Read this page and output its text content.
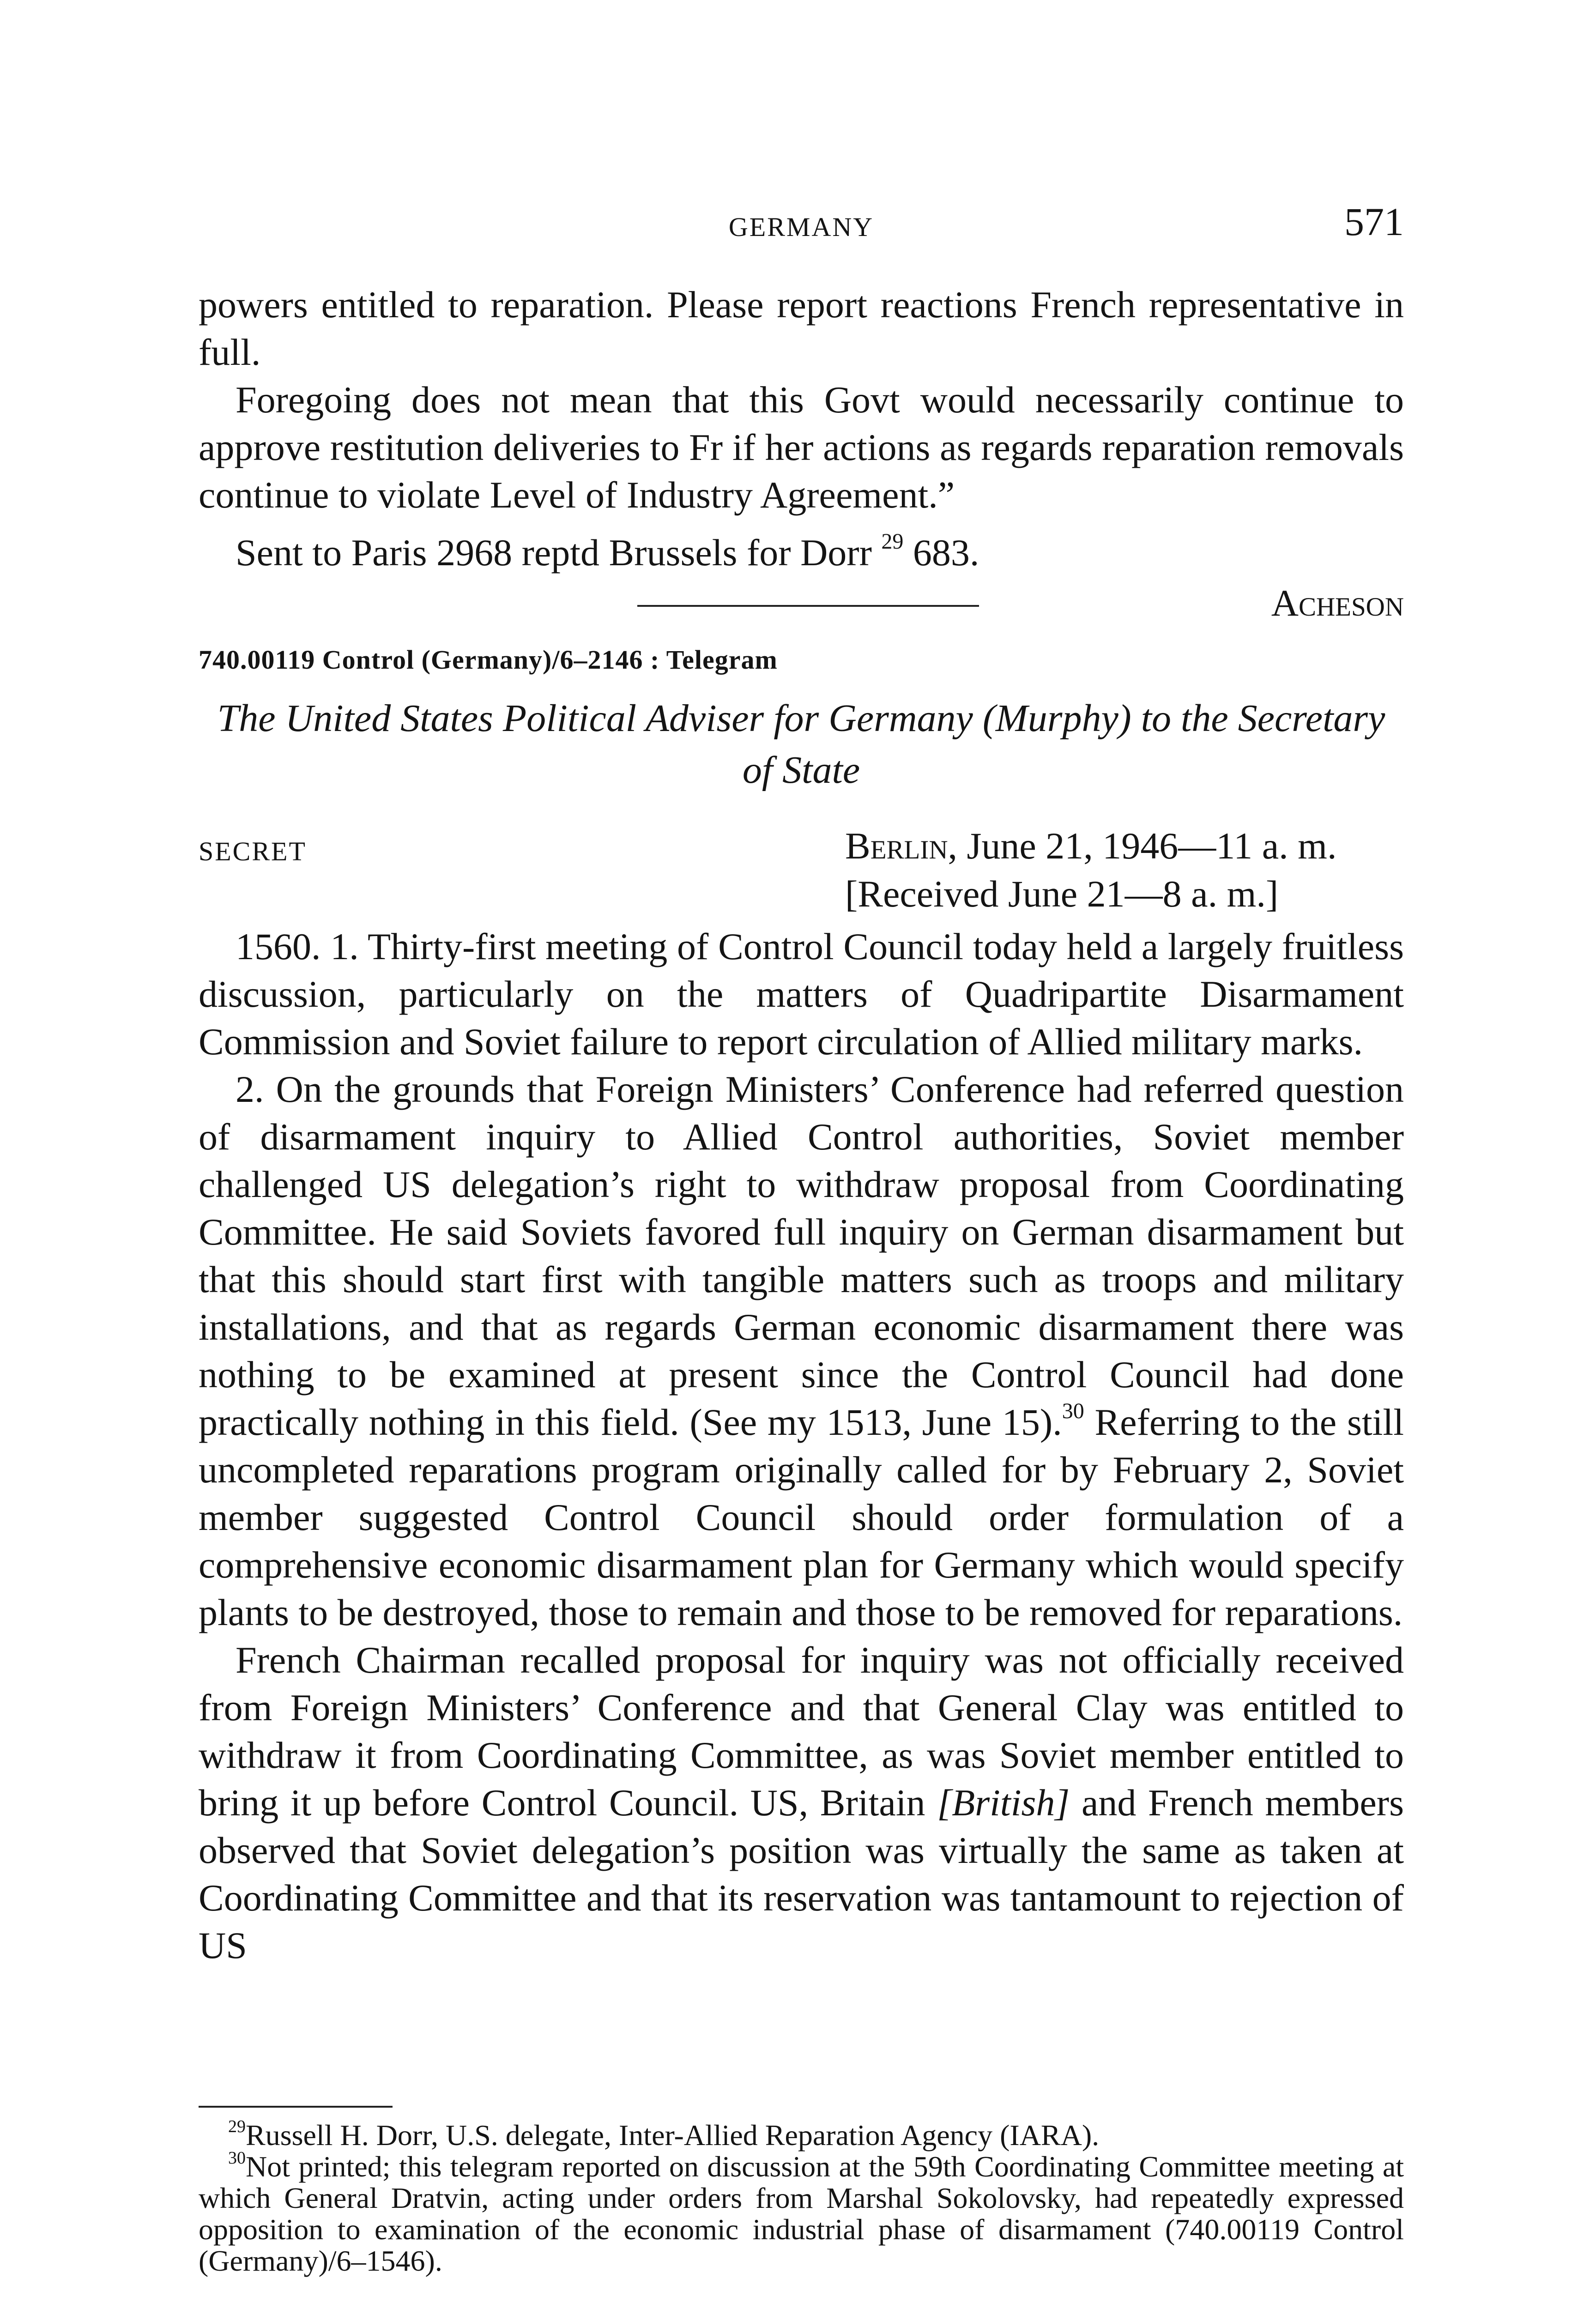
GERMANY	571

powers entitled to reparation. Please report reactions French representative in full.

Foregoing does not mean that this Govt would necessarily continue to approve restitution deliveries to Fr if her actions as regards reparation removals continue to violate Level of Industry Agreement.”

Sent to Paris 2968 reptd Brussels for Dorr $^{29}$ 683.

Acheson

740.00119 Control (Germany)/6–2146 : Telegram
The United States Political Adviser for Germany (Murphy) to the Secretary of State
SECRET	Berlin, June 21, 1946—11 a. m.
[Received June 21—8 a. m.]

1560. 1. Thirty-first meeting of Control Council today held a largely fruitless discussion, particularly on the matters of Quadripartite Disarmament Commission and Soviet failure to report circulation of Allied military marks.

2. On the grounds that Foreign Ministers’ Conference had referred question of disarmament inquiry to Allied Control authorities, Soviet member challenged US delegation’s right to withdraw proposal from Coordinating Committee. He said Soviets favored full inquiry on German disarmament but that this should start first with tangible matters such as troops and military installations, and that as regards German economic disarmament there was nothing to be examined at present since the Control Council had done practically nothing in this field. (See my 1513, June 15).$^{30}$ Referring to the still uncompleted reparations program originally called for by February 2, Soviet member suggested Control Council should order formulation of a comprehensive economic disarmament plan for Germany which would specify plants to be destroyed, those to remain and those to be removed for reparations.

French Chairman recalled proposal for inquiry was not officially received from Foreign Ministers’ Conference and that General Clay was entitled to withdraw it from Coordinating Committee, as was Soviet member entitled to bring it up before Control Council. US, Britain [British] and French members observed that Soviet delegation’s position was virtually the same as taken at Coordinating Committee and that its reservation was tantamount to rejection of US

$^{29}$Russell H. Dorr, U.S. delegate, Inter-Allied Reparation Agency (IARA).

$^{30}$Not printed; this telegram reported on discussion at the 59th Coordinating Committee meeting at which General Dratvin, acting under orders from Marshal Sokolovsky, had repeatedly expressed opposition to examination of the economic industrial phase of disarmament (740.00119 Control (Germany)/6–1546).
